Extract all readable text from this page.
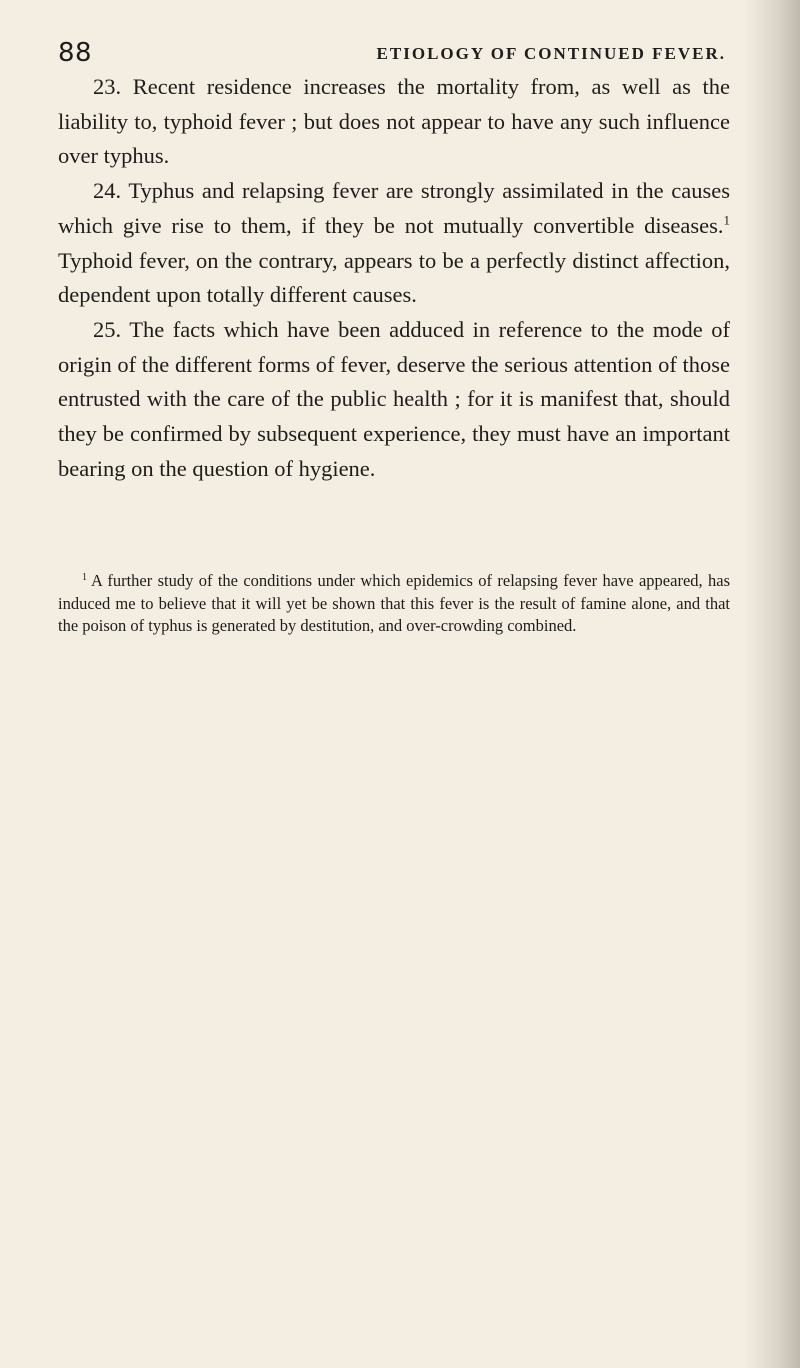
88	ETIOLOGY OF CONTINUED FEVER.

23. Recent residence increases the mortality from, as well as the liability to, typhoid fever ; but does not appear to have any such influence over typhus.

24. Typhus and relapsing fever are strongly assimilated in the causes which give rise to them, if they be not mutually convertible diseases.$^1$ Typhoid fever, on the contrary, appears to be a perfectly distinct affection, dependent upon totally different causes.

25. The facts which have been adduced in reference to the mode of origin of the different forms of fever, deserve the serious attention of those entrusted with the care of the public health ; for it is manifest that, should they be confirmed by subsequent experience, they must have an important bearing on the question of hygiene.

$^1$ A further study of the conditions under which epidemics of relapsing fever have appeared, has induced me to believe that it will yet be shown that this fever is the result of famine alone, and that the poison of typhus is generated by destitution, and over-crowding combined.
